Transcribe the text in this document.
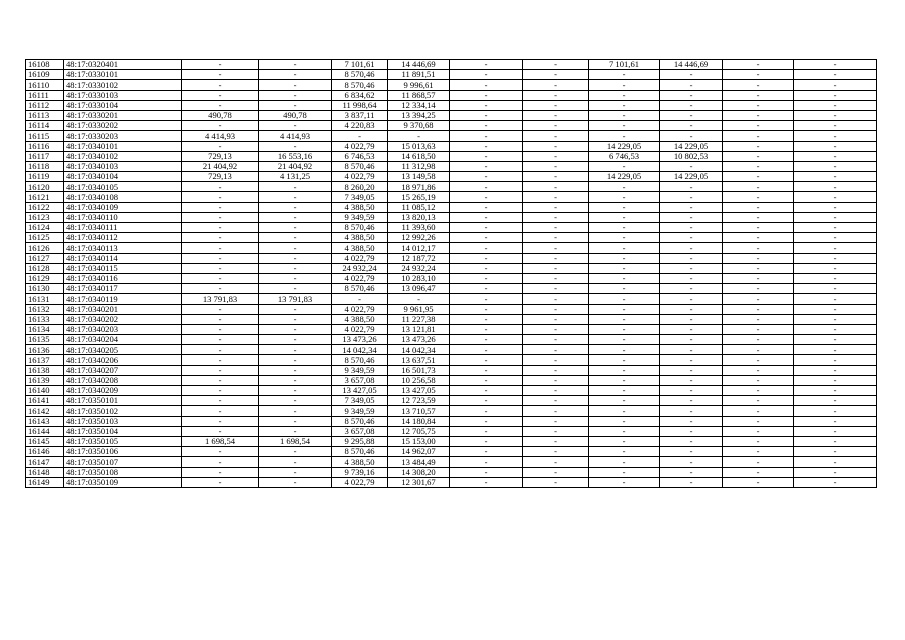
16108	48:17:0320401	-	-	7 101,61	14 446,69	-	-	7 101,61	14 446,69	-	-
16109	48:17:0330101	-	-	8 570,46	11 891,51	-	-	-	-	-	-
16110	48:17:0330102	-	-	8 570,46	9 996,61	-	-	-	-	-	-
16111	48:17:0330103	-	-	6 834,62	11 868,57	-	-	-	-	-	-
16112	48:17:0330104	-	-	11 998,64	12 334,14	-	-	-	-	-	-
16113	48:17:0330201	490,78	490,78	3 837,11	13 394,25	-	-	-	-	-	-
16114	48:17:0330202	-	-	4 220,83	9 370,68	-	-	-	-	-	-
16115	48:17:0330203	4 414,93	4 414,93	-	-	-	-	-	-	-	-
16116	48:17:0340101	-	-	4 022,79	15 013,63	-	-	14 229,05	14 229,05	-	-
16117	48:17:0340102	729,13	16 553,16	6 746,53	14 618,50	-	-	6 746,53	10 802,53	-	-
16118	48:17:0340103	21 404,92	21 404,92	8 570,46	11 312,98	-	-	-	-	-	-
16119	48:17:0340104	729,13	4 131,25	4 022,79	13 149,58	-	-	14 229,05	14 229,05	-	-
16120	48:17:0340105	-	-	8 260,20	18 971,86	-	-	-	-	-	-
16121	48:17:0340108	-	-	7 349,05	15 265,19	-	-	-	-	-	-
16122	48:17:0340109	-	-	4 388,50	11 085,12	-	-	-	-	-	-
16123	48:17:0340110	-	-	9 349,59	13 820,13	-	-	-	-	-	-
16124	48:17:0340111	-	-	8 570,46	11 393,60	-	-	-	-	-	-
16125	48:17:0340112	-	-	4 388,50	12 992,26	-	-	-	-	-	-
16126	48:17:0340113	-	-	4 388,50	14 012,17	-	-	-	-	-	-
16127	48:17:0340114	-	-	4 022,79	12 187,72	-	-	-	-	-	-
16128	48:17:0340115	-	-	24 932,24	24 932,24	-	-	-	-	-	-
16129	48:17:0340116	-	-	4 022,79	10 283,10	-	-	-	-	-	-
16130	48:17:0340117	-	-	8 570,46	13 096,47	-	-	-	-	-	-
16131	48:17:0340119	13 791,83	13 791,83	-	-	-	-	-	-	-	-
16132	48:17:0340201	-	-	4 022,79	9 961,95	-	-	-	-	-	-
16133	48:17:0340202	-	-	4 388,50	11 227,38	-	-	-	-	-	-
16134	48:17:0340203	-	-	4 022,79	13 121,81	-	-	-	-	-	-
16135	48:17:0340204	-	-	13 473,26	13 473,26	-	-	-	-	-	-
16136	48:17:0340205	-	-	14 042,34	14 042,34	-	-	-	-	-	-
16137	48:17:0340206	-	-	8 570,46	13 637,51	-	-	-	-	-	-
16138	48:17:0340207	-	-	9 349,59	16 501,73	-	-	-	-	-	-
16139	48:17:0340208	-	-	3 657,08	10 256,58	-	-	-	-	-	-
16140	48:17:0340209	-	-	13 427,05	13 427,05	-	-	-	-	-	-
16141	48:17:0350101	-	-	7 349,05	12 723,59	-	-	-	-	-	-
16142	48:17:0350102	-	-	9 349,59	13 710,57	-	-	-	-	-	-
16143	48:17:0350103	-	-	8 570,46	14 180,84	-	-	-	-	-	-
16144	48:17:0350104	-	-	3 657,08	12 705,75	-	-	-	-	-	-
16145	48:17:0350105	1 698,54	1 698,54	9 295,88	15 153,00	-	-	-	-	-	-
16146	48:17:0350106	-	-	8 570,46	14 962,07	-	-	-	-	-	-
16147	48:17:0350107	-	-	4 388,50	13 484,49	-	-	-	-	-	-
16148	48:17:0350108	-	-	9 739,16	14 308,20	-	-	-	-	-	-
16149	48:17:0350109	-	-	4 022,79	12 301,67	-	-	-	-	-	-
